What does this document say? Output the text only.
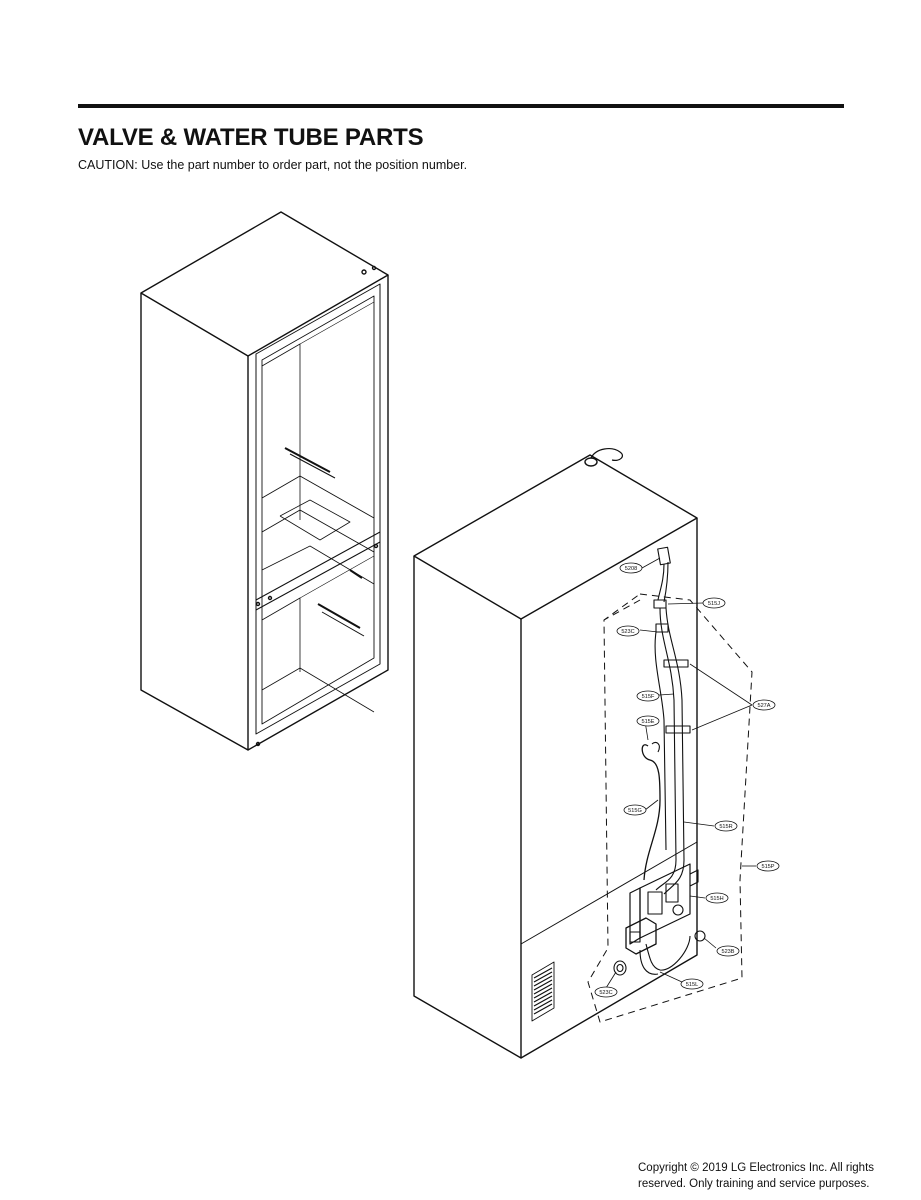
VALVE & WATER TUBE PARTS
CAUTION: Use the part number to order part, not the position number.
5208
515J
523C
515F
527A
515E
515G
515R
515P
515H
523B
523C
515L
Copyright © 2019 LG Electronics Inc. All rights
reserved. Only training and service purposes.
